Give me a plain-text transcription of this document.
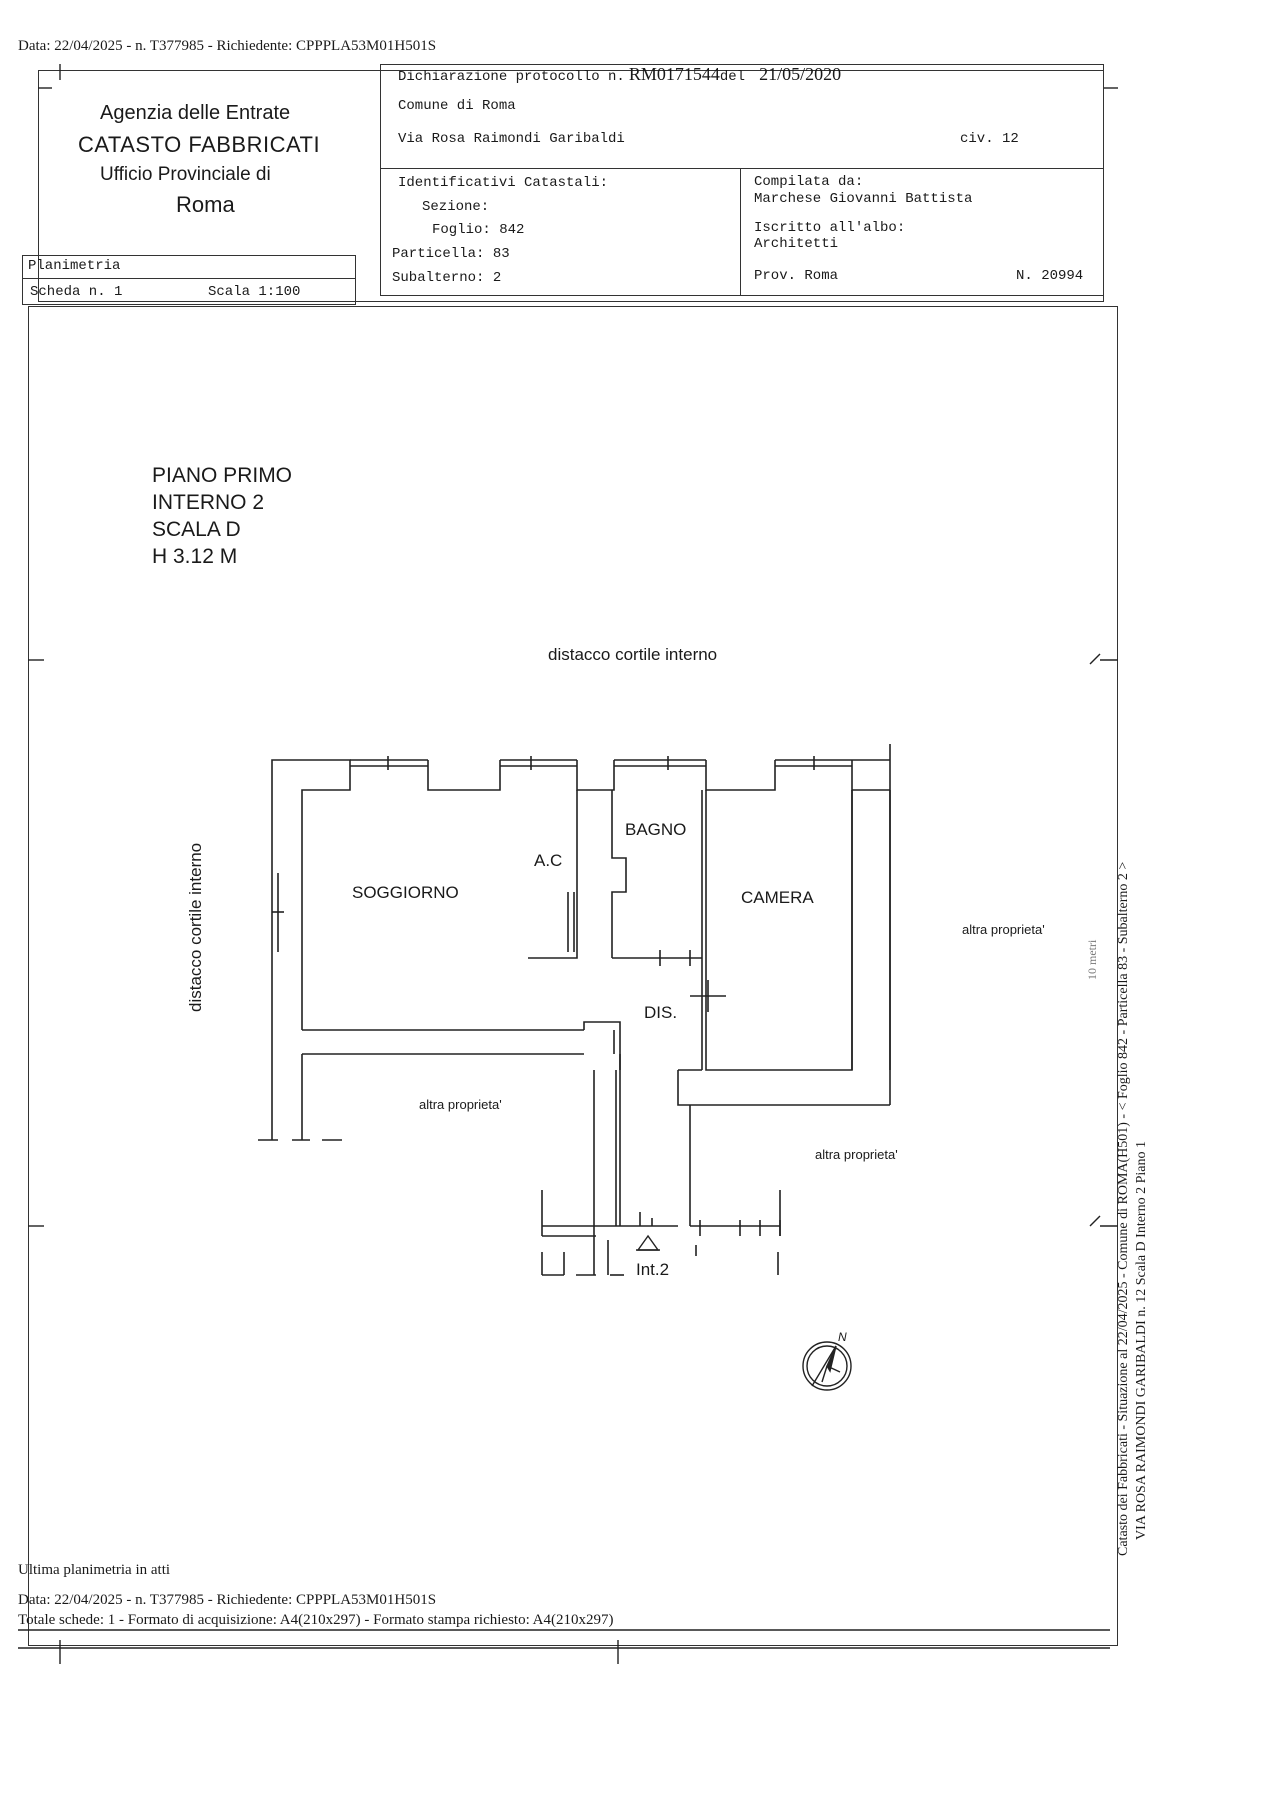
Data: 22/04/2025 - n. T377985 - Richiedente: CPPPLA53M01H501S
Agenzia delle Entrate
CATASTO FABBRICATI
Ufficio Provinciale di
Roma
Planimetria
Scheda n. 1	Scala 1:100
Dichiarazione protocollo n. RM0171544del 21/05/2020
Comune di Roma
Via Rosa Raimondi Garibaldi	civ. 12
Identificativi Catastali:
Sezione:
Foglio: 842
Particella: 83
Subalterno: 2
Compilata da:
Marchese Giovanni Battista
Iscritto all'albo:
Architetti
Prov. Roma	N. 20994
PIANO PRIMO
INTERNO 2
SCALA D
H 3.12 M
distacco cortile interno
distacco cortile interno	SOGGIORNO
A.C
BAGNO
CAMERA
DIS.
altra proprieta'
altra proprieta'
altra proprieta'
Int.2
N	Catasto dei Fabbricati - Situazione al 22/04/2025 - Comune di ROMA(H501) - < Foglio 842 - Particella 83 - Subalterno 2 > VIA ROSA RAIMONDI GARIBALDI n. 12 Scala D Interno 2 Piano 1
10 metri
Ultima planimetria in atti
Data: 22/04/2025 - n. T377985 - Richiedente: CPPPLA53M01H501S
Totale schede: 1 - Formato di acquisizione: A4(210x297) - Formato stampa richiesto: A4(210x297)
